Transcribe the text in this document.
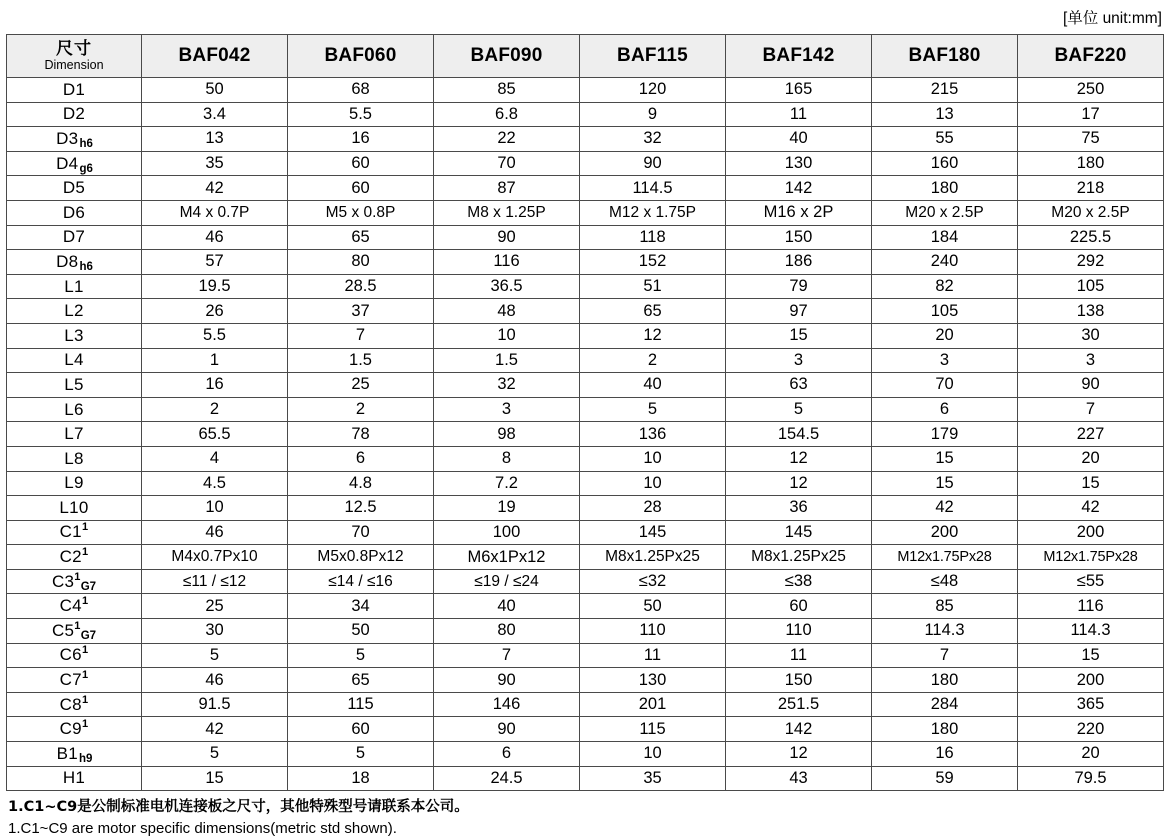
[单位 unit:mm]
尺寸
Dimension	BAF042	BAF060	BAF090	BAF115	BAF142	BAF180	BAF220
D1	50	68	85	120	165	215	250
D2	3.4	5.5	6.8	9	11	13	17
D3h6	13	16	22	32	40	55	75
D4g6	35	60	70	90	130	160	180
D5	42	60	87	114.5	142	180	218
D6	M4 x 0.7P	M5 x 0.8P	M8 x 1.25P	M12 x 1.75P	M16 x 2P	M20 x 2.5P	M20 x 2.5P
D7	46	65	90	118	150	184	225.5
D8h6	57	80	116	152	186	240	292
L1	19.5	28.5	36.5	51	79	82	105
L2	26	37	48	65	97	105	138
L3	5.5	7	10	12	15	20	30
L4	1	1.5	1.5	2	3	3	3
L5	16	25	32	40	63	70	90
L6	2	2	3	5	5	6	7
L7	65.5	78	98	136	154.5	179	227
L8	4	6	8	10	12	15	20
L9	4.5	4.8	7.2	10	12	15	15
L10	10	12.5	19	28	36	42	42
$C1^1$	46	70	100	145	145	200	200
$C2^1$	M4x0.7Px10	M5x0.8Px12	M6x1Px12	M8x1.25Px25	M8x1.25Px25	M12x1.75Px28	M12x1.75Px28
$C3^1G7$	≤11 / ≤12	≤14 / ≤16	≤19 / ≤24	≤32	≤38	≤48	≤55
$C4^1$	25	34	40	50	60	85	116
$C5^1G7$	30	50	80	110	110	114.3	114.3
$C6^1$	5	5	7	11	11	7	15
$C7^1$	46	65	90	130	150	180	200
$C8^1$	91.5	115	146	201	251.5	284	365
$C9^1$	42	60	90	115	142	180	220
B1h9	5	5	6	10	12	16	20
H1	15	18	24.5	35	43	59	79.5
1.C1~C9是公制标准电机连接板之尺寸，其他特殊型号请联系本公司。
1.C1~C9 are motor specific dimensions(metric std shown).
